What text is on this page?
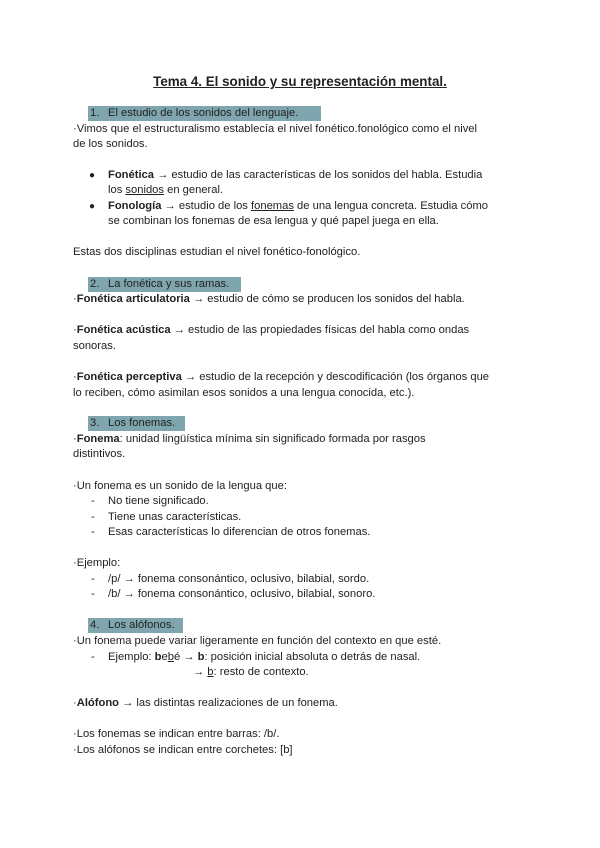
Tema 4. El sonido y su representación mental.
1. El estudio de los sonidos del lenguaje.
·Vimos que el estructuralismo establecía el nivel fonético.fonológico como el nivel
de los sonidos.
● Fonética → estudio de las características de los sonidos del habla. Estudia
los sonidos en general.
● Fonología → estudio de los fonemas de una lengua concreta. Estudia cómo
se combinan los fonemas de esa lengua y qué papel juega en ella.
Estas dos disciplinas estudian el nivel fonético-fonológico.
2. La fonética y sus ramas.
·Fonética articulatoria → estudio de cómo se producen los sonidos del habla.
·Fonética acústica → estudio de las propiedades físicas del habla como ondas
sonoras.
·Fonética perceptiva → estudio de la recepción y descodificación (los órganos que
lo reciben, cómo asimilan esos sonidos a una lengua conocida, etc.).
3. Los fonemas.
·Fonema: unidad lingüística mínima sin significado formada por rasgos
distintivos.
·Un fonema es un sonido de la lengua que:
- No tiene significado.
- Tiene unas características.
- Esas características lo diferencian de otros fonemas.
·Ejemplo:
- /p/ → fonema consonántico, oclusivo, bilabial, sordo.
- /b/ → fonema consonántico, oclusivo, bilabial, sonoro.
4. Los alófonos.
·Un fonema puede variar ligeramente en función del contexto en que esté.
- Ejemplo: bebé → b: posición inicial absoluta o detrás de nasal.
→ b: resto de contexto.
·Alófono → las distintas realizaciones de un fonema.
·Los fonemas se indican entre barras: /b/.
·Los alófonos se indican entre corchetes: [b]
